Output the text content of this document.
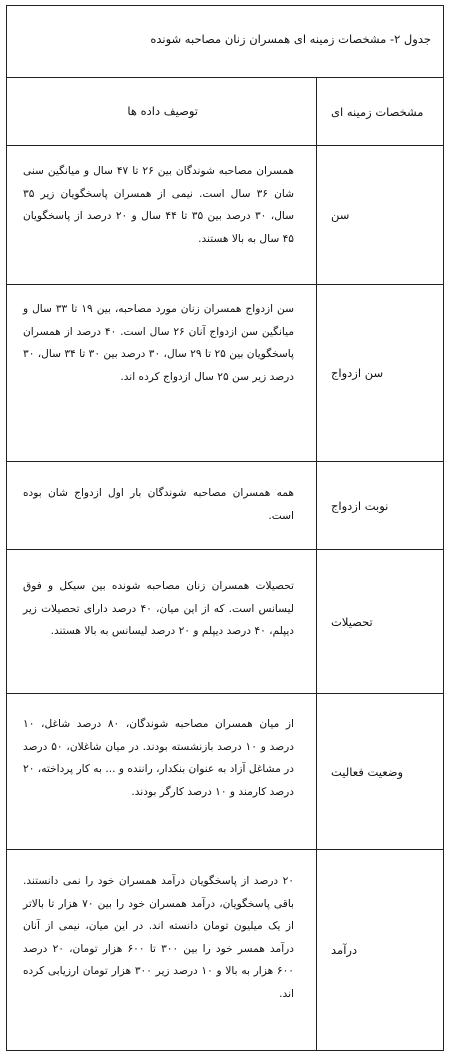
جدول ۲- مشخصات زمینه ای همسران زنان مصاحبه شونده
مشخصات زمینه ای
توصیف داده ها
سن
همسران مصاحبه شوندگان بین ۲۶ تا ۴۷ سال و میانگین سنی شان ۳۶ سال است. نیمی از همسران پاسخگویان زیر ۳۵ سال، ۳۰ درصد بین ۳۵ تا ۴۴ سال و ۲۰ درصد از پاسخگویان ۴۵ سال به بالا هستند.
سن ازدواج
سن ازدواج همسران زنان مورد مصاحبه، بین ۱۹ تا ۳۳ سال و میانگین سن ازدواج آنان ۲۶ سال است. ۴۰ درصد از همسران پاسخگویان بین ۲۵ تا ۲۹ سال، ۳۰ درصد بین ۳۰ تا ۳۴ سال، ۳۰ درصد زیر سن ۲۵ سال ازدواج کرده اند.
نوبت ازدواج
همه همسران مصاحبه شوندگان بار اول ازدواج شان بوده است.
تحصیلات
تحصیلات همسران زنان مصاحبه شونده بین سیکل و فوق لیسانس است. که از این میان، ۴۰ درصد دارای تحصیلات زیر دیپلم، ۴۰ درصد دیپلم و ۲۰ درصد لیسانس به بالا هستند.
وضعیت فعالیت
از میان همسران مصاحبه شوندگان، ۸۰ درصد شاغل، ۱۰ درصد و ۱۰ درصد بازنشسته بودند. در میان شاغلان، ۵۰ درصد در مشاغل آزاد به عنوان بنکدار، راننده و ... به کار پرداخته، ۲۰ درصد کارمند و ۱۰ درصد کارگر بودند.
درآمد
۲۰ درصد از پاسخگویان درآمد همسران خود را نمی دانستند. باقی پاسخگویان، درآمد همسران خود را بین ۷۰ هزار تا بالاتر از یک میلیون تومان دانسته اند. در این میان، نیمی از آنان درآمد همسر خود را بین ۳۰۰ تا ۶۰۰ هزار تومان، ۲۰ درصد ۶۰۰ هزار به بالا و ۱۰ درصد زیر ۳۰۰ هزار تومان ارزیابی کرده اند.
